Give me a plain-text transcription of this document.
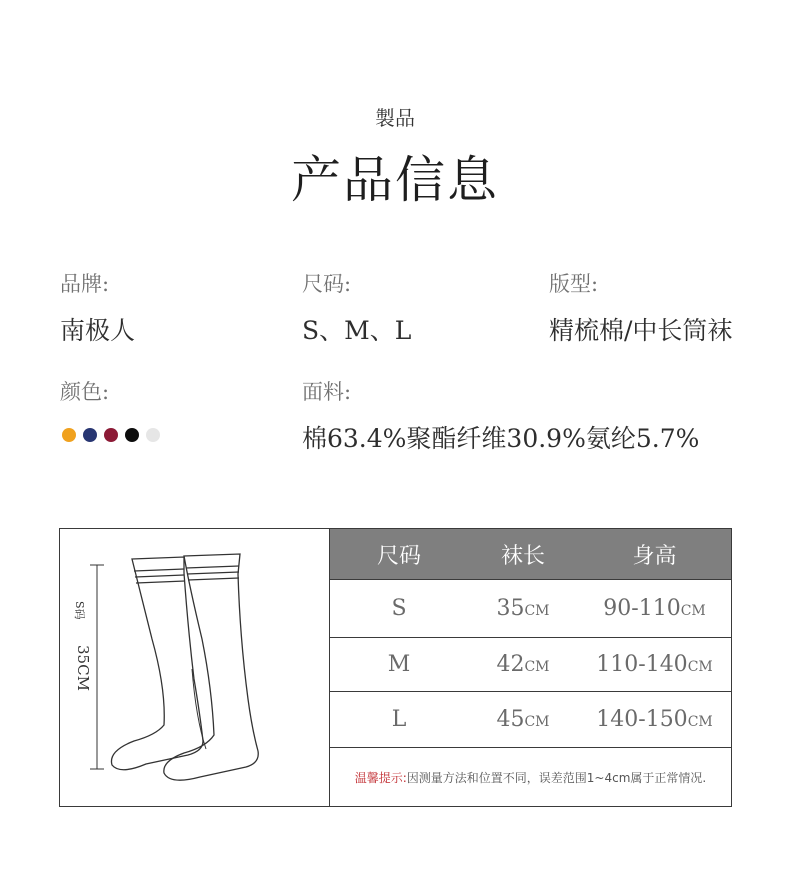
製品
产品信息
品牌:
南极人
尺码:
S、M、L
版型:
精梳棉/中长筒袜
颜色:	面料:
棉63.4%聚酯纤维30.9%氨纶5.7%
S码
35CM
尺码	袜长	身高
S	35CM	90-110CM
M	42CM	110-140CM
L	45CM	140-150CM
温馨提示: 因测量方法和位置不同，误差范围1~4cm属于正常情况.
